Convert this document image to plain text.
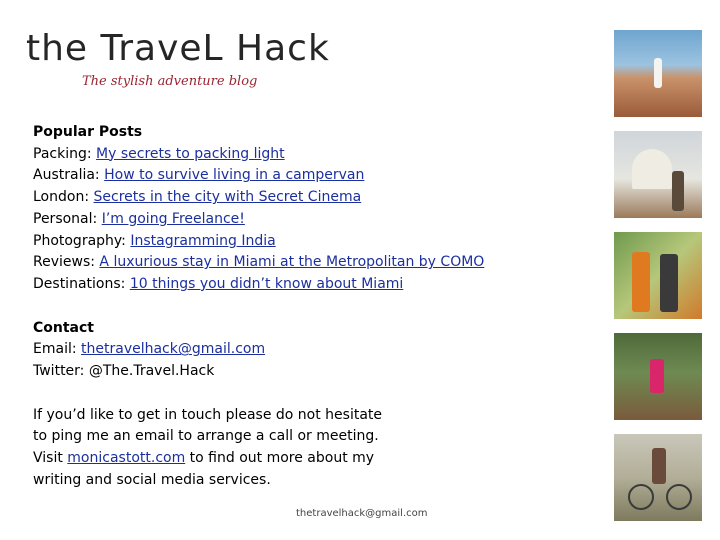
the TraveL Hack
The stylish adventure blog

Popular Posts

Packing: My secrets to packing light

Australia: How to survive living in a campervan

London: Secrets in the city with Secret Cinema

Personal: I’m going Freelance!

Photography: Instagramming India

Reviews: A luxurious stay in Miami at the Metropolitan by COMO

Destinations: 10 things you didn’t know about Miami

Contact

Email: thetravelhack@gmail.com

Twitter: @The.Travel.Hack

If you’d like to get in touch please do not hesitate to ping me an email to arrange a call or meeting. Visit monicastott.com to find out more about my writing and social media services.

thetravelhack@gmail.com
